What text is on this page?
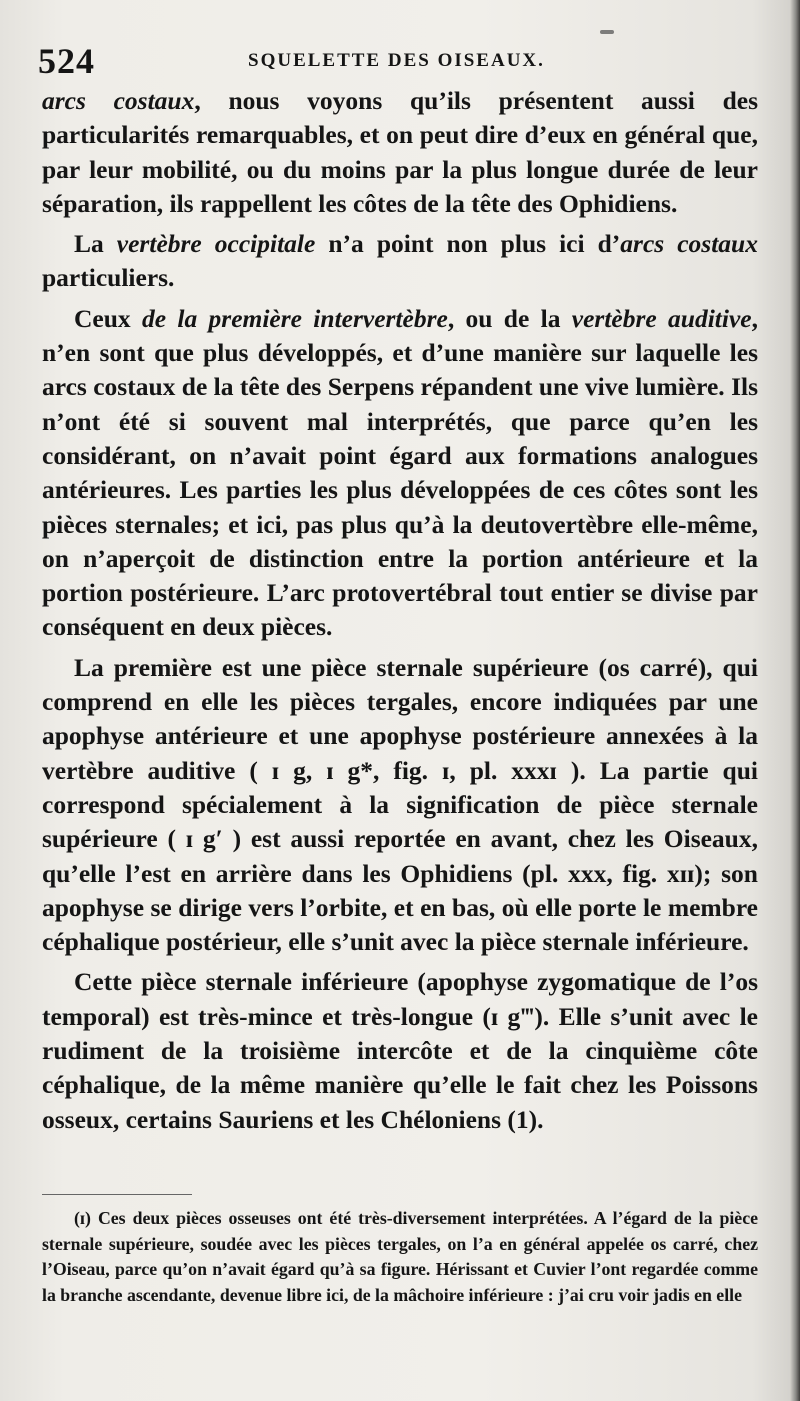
524	SQUELETTE DES OISEAUX.

arcs costaux, nous voyons qu’ils présentent aussi des particularités remarquables, et on peut dire d’eux en général que, par leur mobilité, ou du moins par la plus longue durée de leur séparation, ils rappellent les côtes de la tête des Ophidiens.

La vertèbre occipitale n’a point non plus ici d’arcs costaux particuliers.

Ceux de la première intervertèbre, ou de la vertèbre auditive, n’en sont que plus développés, et d’une manière sur laquelle les arcs costaux de la tête des Serpens répandent une vive lumière. Ils n’ont été si souvent mal interprétés, que parce qu’en les considérant, on n’avait point égard aux formations analogues antérieures. Les parties les plus développées de ces côtes sont les pièces sternales; et ici, pas plus qu’à la deutovertèbre elle-même, on n’aperçoit de distinction entre la portion antérieure et la portion postérieure. L’arc protovertébral tout entier se divise par conséquent en deux pièces.

La première est une pièce sternale supérieure (os carré), qui comprend en elle les pièces tergales, encore indiquées par une apophyse antérieure et une apophyse postérieure annexées à la vertèbre auditive ( ɪ g, ɪ g*, fig. ɪ, pl. xxxɪ ). La partie qui correspond spécialement à la signification de pièce sternale supérieure ( ɪ g′ ) est aussi reportée en avant, chez les Oiseaux, qu’elle l’est en arrière dans les Ophidiens (pl. xxx, fig. xɪɪ); son apophyse se dirige vers l’orbite, et en bas, où elle porte le membre céphalique postérieur, elle s’unit avec la pièce sternale inférieure.

Cette pièce sternale inférieure (apophyse zygomatique de l’os temporal) est très-mince et très-longue (ɪ g‴). Elle s’unit avec le rudiment de la troisième intercôte et de la cinquième côte céphalique, de la même manière qu’elle le fait chez les Poissons osseux, certains Sauriens et les Chéloniens (1).

(ɪ) Ces deux pièces osseuses ont été très-diversement interprétées. A l’égard de la pièce sternale supérieure, soudée avec les pièces tergales, on l’a en général appelée os carré, chez l’Oiseau, parce qu’on n’avait égard qu’à sa figure. Hérissant et Cuvier l’ont regardée comme la branche ascendante, devenue libre ici, de la mâchoire inférieure : j’ai cru voir jadis en elle
